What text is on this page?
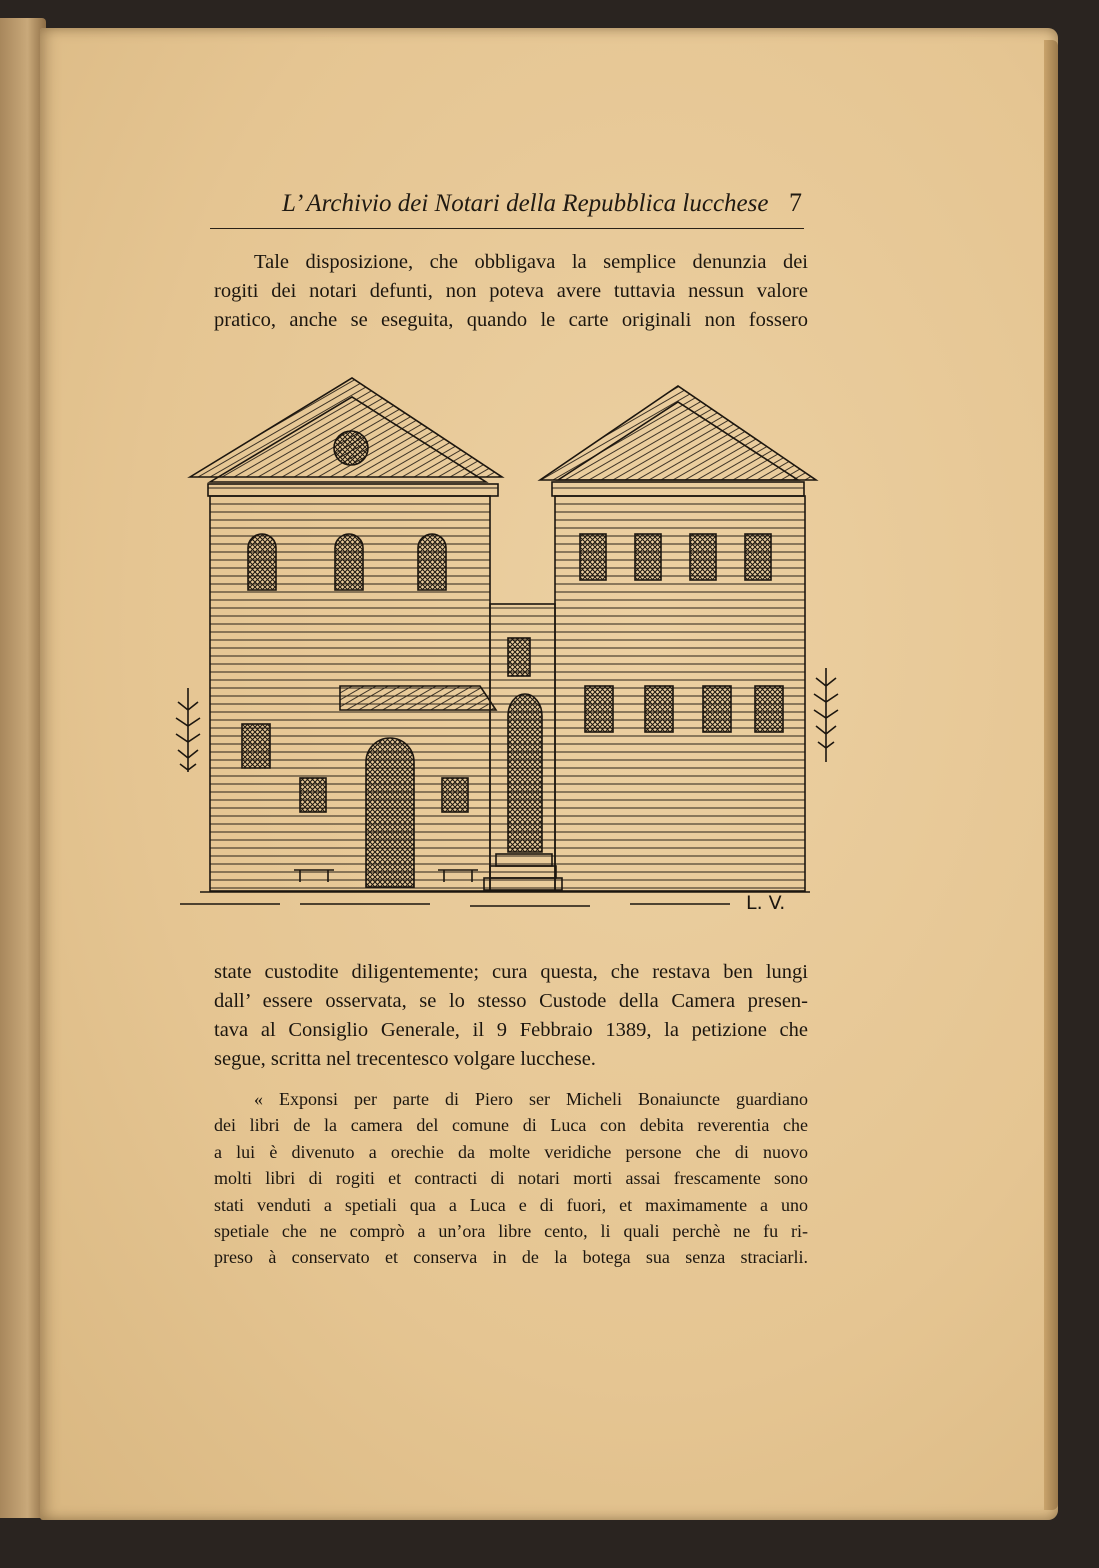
L’ Archivio dei Notari della Repubblica lucchese 7
Tale disposizione, che obbligava la semplice denunzia dei
rogiti dei notari defunti, non poteva avere tuttavia nessun valore
pratico, anche se eseguita, quando le carte originali non fossero
L. V.
state custodite diligentemente; cura questa, che restava ben lungi
dall’ essere osservata, se lo stesso Custode della Camera presen-
tava al Consiglio Generale, il 9 Febbraio 1389, la petizione che
segue, scritta nel trecentesco volgare lucchese.
« Exponsi per parte di Piero ser Micheli Bonaiuncte guardiano
dei libri de la camera del comune di Luca con debita reverentia che
a lui è divenuto a orechie da molte veridiche persone che di nuovo
molti libri di rogiti et contracti di notari morti assai frescamente sono
stati venduti a spetiali qua a Luca e di fuori, et maximamente a uno
spetiale che ne comprò a un’ora libre cento, li quali perchè ne fu ri-
preso à conservato et conserva in de la botega sua senza straciarli.
